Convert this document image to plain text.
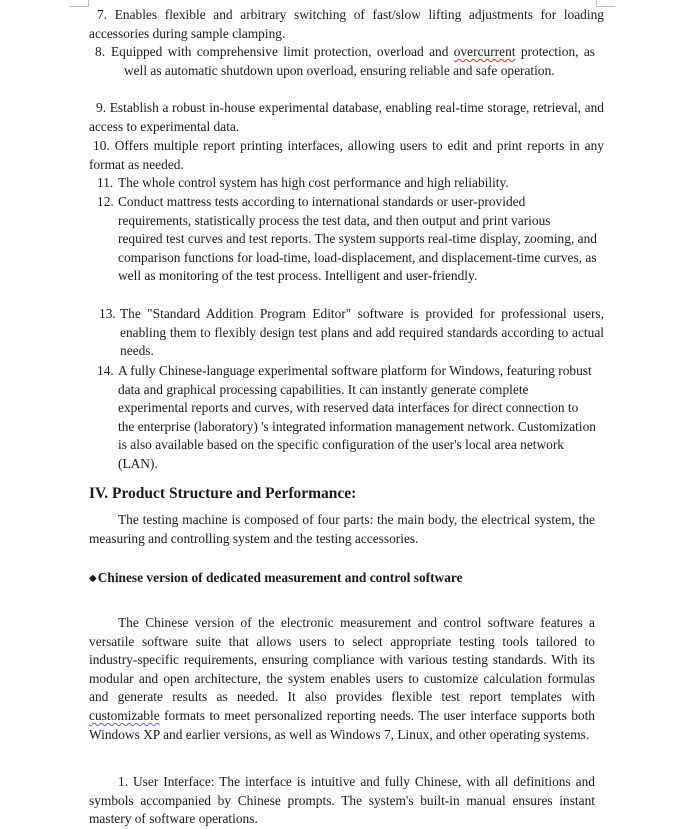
7. Enables flexible and arbitrary switching of fast/slow lifting adjustments for loading accessories during sample clamping.
8. Equipped with comprehensive limit protection, overload and overcurrent protection, as well as automatic shutdown upon overload, ensuring reliable and safe operation.
9. Establish a robust in-house experimental database, enabling real-time storage, retrieval, and access to experimental data.
10. Offers multiple report printing interfaces, allowing users to edit and print reports in any format as needed.
11. The whole control system has high cost performance and high reliability.
12. Conduct mattress tests according to international standards or user-provided requirements, statistically process the test data, and then output and print various required test curves and test reports. The system supports real-time display, zooming, and comparison functions for load-time, load-displacement, and displacement-time curves, as well as monitoring of the test process. Intelligent and user-friendly.
13. The "Standard Addition Program Editor" software is provided for professional users, enabling them to flexibly design test plans and add required standards according to actual needs.
14. A fully Chinese-language experimental software platform for Windows, featuring robust data and graphical processing capabilities. It can instantly generate complete experimental reports and curves, with reserved data interfaces for direct connection to the enterprise (laboratory) 's integrated information management network. Customization is also available based on the specific configuration of the user's local area network (LAN).
IV. Product Structure and Performance:
The testing machine is composed of four parts: the main body, the electrical system, the measuring and controlling system and the testing accessories.
◆Chinese version of dedicated measurement and control software
The Chinese version of the electronic measurement and control software features a versatile software suite that allows users to select appropriate testing tools tailored to industry-specific requirements, ensuring compliance with various testing standards. With its modular and open architecture, the system enables users to customize calculation formulas and generate results as needed. It also provides flexible test report templates with customizable formats to meet personalized reporting needs. The user interface supports both Windows XP and earlier versions, as well as Windows 7, Linux, and other operating systems.
1. User Interface: The interface is intuitive and fully Chinese, with all definitions and symbols accompanied by Chinese prompts. The system's built-in manual ensures instant mastery of software operations.
